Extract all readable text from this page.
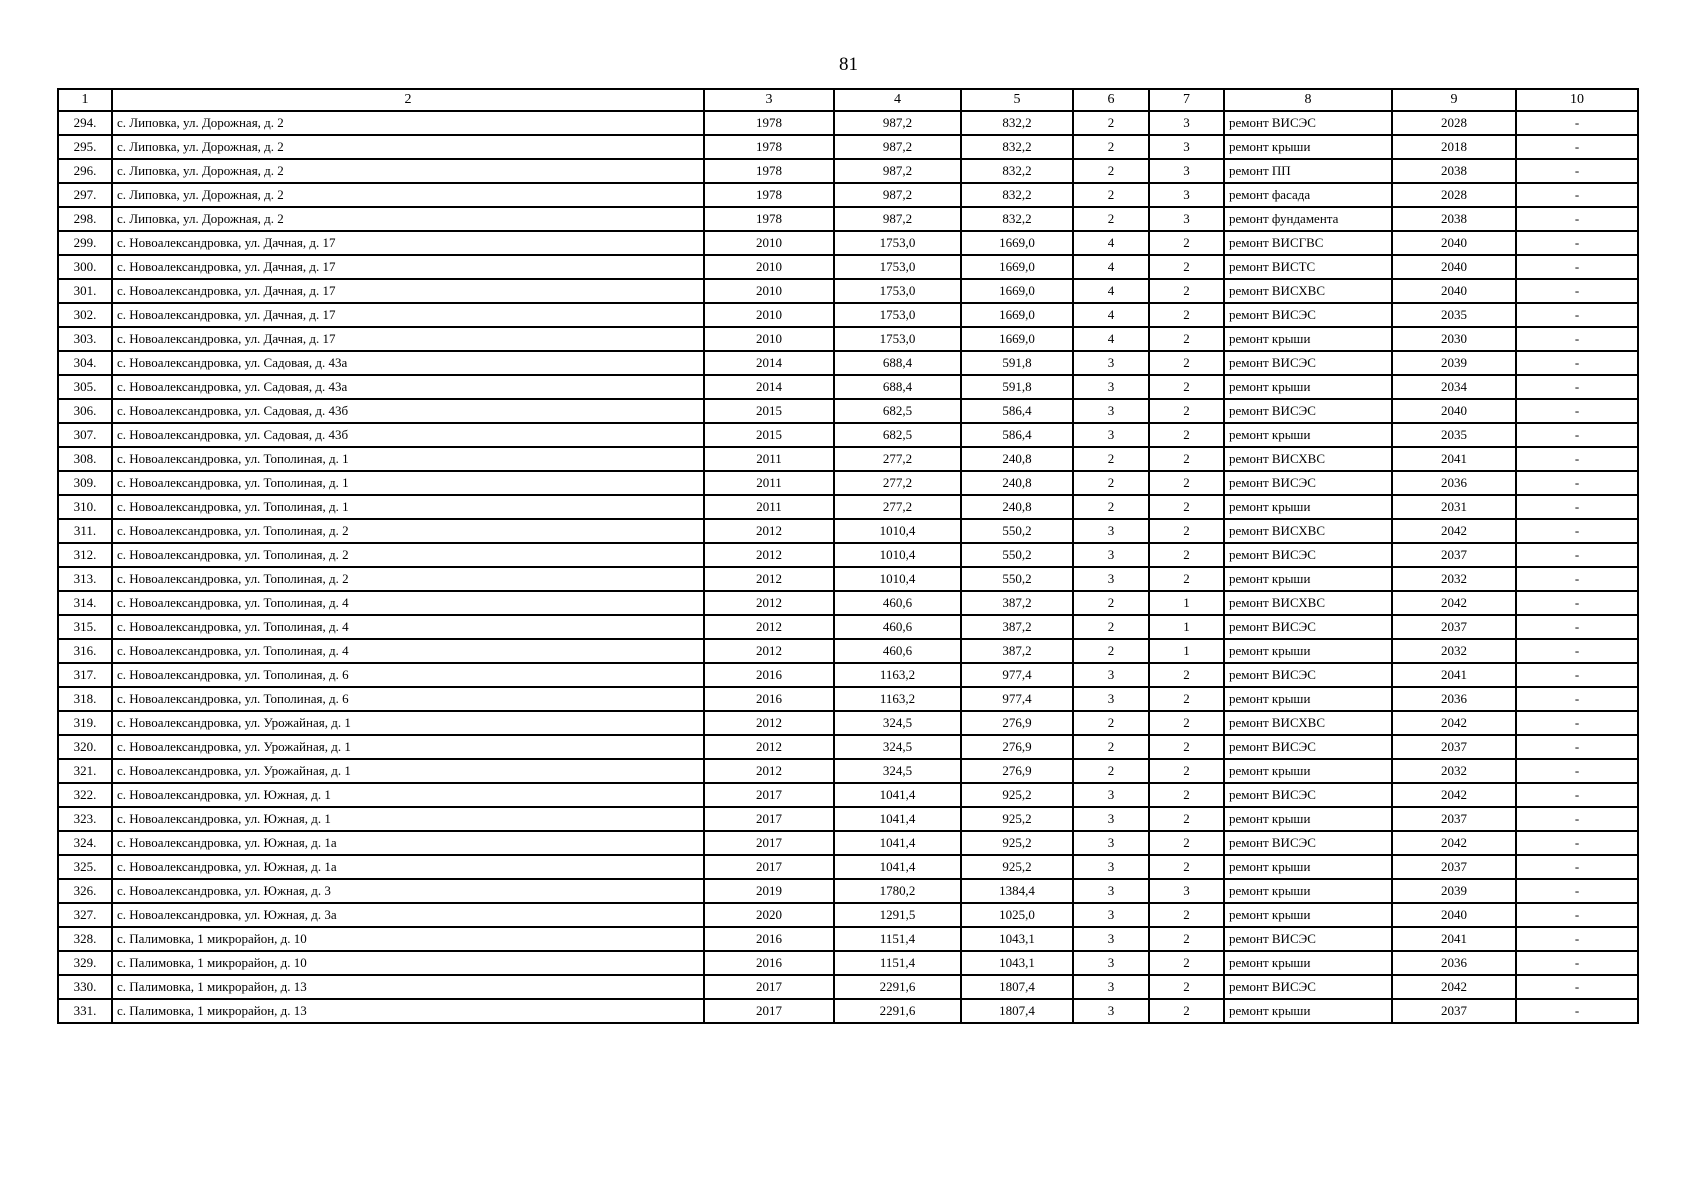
81
1	2	3	4	5	6	7	8	9	10
294.	с. Липовка, ул. Дорожная, д. 2	1978	987,2	832,2	2	3	ремонт ВИСЭС	2028	-
295.	с. Липовка, ул. Дорожная, д. 2	1978	987,2	832,2	2	3	ремонт крыши	2018	-
296.	с. Липовка, ул. Дорожная, д. 2	1978	987,2	832,2	2	3	ремонт ПП	2038	-
297.	с. Липовка, ул. Дорожная, д. 2	1978	987,2	832,2	2	3	ремонт фасада	2028	-
298.	с. Липовка, ул. Дорожная, д. 2	1978	987,2	832,2	2	3	ремонт фундамента	2038	-
299.	с. Новоалександровка, ул. Дачная, д. 17	2010	1753,0	1669,0	4	2	ремонт ВИСГВС	2040	-
300.	с. Новоалександровка, ул. Дачная, д. 17	2010	1753,0	1669,0	4	2	ремонт ВИСТС	2040	-
301.	с. Новоалександровка, ул. Дачная, д. 17	2010	1753,0	1669,0	4	2	ремонт ВИСХВС	2040	-
302.	с. Новоалександровка, ул. Дачная, д. 17	2010	1753,0	1669,0	4	2	ремонт ВИСЭС	2035	-
303.	с. Новоалександровка, ул. Дачная, д. 17	2010	1753,0	1669,0	4	2	ремонт крыши	2030	-
304.	с. Новоалександровка, ул. Садовая, д. 43а	2014	688,4	591,8	3	2	ремонт ВИСЭС	2039	-
305.	с. Новоалександровка, ул. Садовая, д. 43а	2014	688,4	591,8	3	2	ремонт крыши	2034	-
306.	с. Новоалександровка, ул. Садовая, д. 43б	2015	682,5	586,4	3	2	ремонт ВИСЭС	2040	-
307.	с. Новоалександровка, ул. Садовая, д. 43б	2015	682,5	586,4	3	2	ремонт крыши	2035	-
308.	с. Новоалександровка, ул. Тополиная, д. 1	2011	277,2	240,8	2	2	ремонт ВИСХВС	2041	-
309.	с. Новоалександровка, ул. Тополиная, д. 1	2011	277,2	240,8	2	2	ремонт ВИСЭС	2036	-
310.	с. Новоалександровка, ул. Тополиная, д. 1	2011	277,2	240,8	2	2	ремонт крыши	2031	-
311.	с. Новоалександровка, ул. Тополиная, д. 2	2012	1010,4	550,2	3	2	ремонт ВИСХВС	2042	-
312.	с. Новоалександровка, ул. Тополиная, д. 2	2012	1010,4	550,2	3	2	ремонт ВИСЭС	2037	-
313.	с. Новоалександровка, ул. Тополиная, д. 2	2012	1010,4	550,2	3	2	ремонт крыши	2032	-
314.	с. Новоалександровка, ул. Тополиная, д. 4	2012	460,6	387,2	2	1	ремонт ВИСХВС	2042	-
315.	с. Новоалександровка, ул. Тополиная, д. 4	2012	460,6	387,2	2	1	ремонт ВИСЭС	2037	-
316.	с. Новоалександровка, ул. Тополиная, д. 4	2012	460,6	387,2	2	1	ремонт крыши	2032	-
317.	с. Новоалександровка, ул. Тополиная, д. 6	2016	1163,2	977,4	3	2	ремонт ВИСЭС	2041	-
318.	с. Новоалександровка, ул. Тополиная, д. 6	2016	1163,2	977,4	3	2	ремонт крыши	2036	-
319.	с. Новоалександровка, ул. Урожайная, д. 1	2012	324,5	276,9	2	2	ремонт ВИСХВС	2042	-
320.	с. Новоалександровка, ул. Урожайная, д. 1	2012	324,5	276,9	2	2	ремонт ВИСЭС	2037	-
321.	с. Новоалександровка, ул. Урожайная, д. 1	2012	324,5	276,9	2	2	ремонт крыши	2032	-
322.	с. Новоалександровка, ул. Южная, д. 1	2017	1041,4	925,2	3	2	ремонт ВИСЭС	2042	-
323.	с. Новоалександровка, ул. Южная, д. 1	2017	1041,4	925,2	3	2	ремонт крыши	2037	-
324.	с. Новоалександровка, ул. Южная, д. 1а	2017	1041,4	925,2	3	2	ремонт ВИСЭС	2042	-
325.	с. Новоалександровка, ул. Южная, д. 1а	2017	1041,4	925,2	3	2	ремонт крыши	2037	-
326.	с. Новоалександровка, ул. Южная, д. 3	2019	1780,2	1384,4	3	3	ремонт крыши	2039	-
327.	с. Новоалександровка, ул. Южная, д. 3а	2020	1291,5	1025,0	3	2	ремонт крыши	2040	-
328.	с. Палимовка, 1 микрорайон, д. 10	2016	1151,4	1043,1	3	2	ремонт ВИСЭС	2041	-
329.	с. Палимовка, 1 микрорайон, д. 10	2016	1151,4	1043,1	3	2	ремонт крыши	2036	-
330.	с. Палимовка, 1 микрорайон, д. 13	2017	2291,6	1807,4	3	2	ремонт ВИСЭС	2042	-
331.	с. Палимовка, 1 микрорайон, д. 13	2017	2291,6	1807,4	3	2	ремонт крыши	2037	-
